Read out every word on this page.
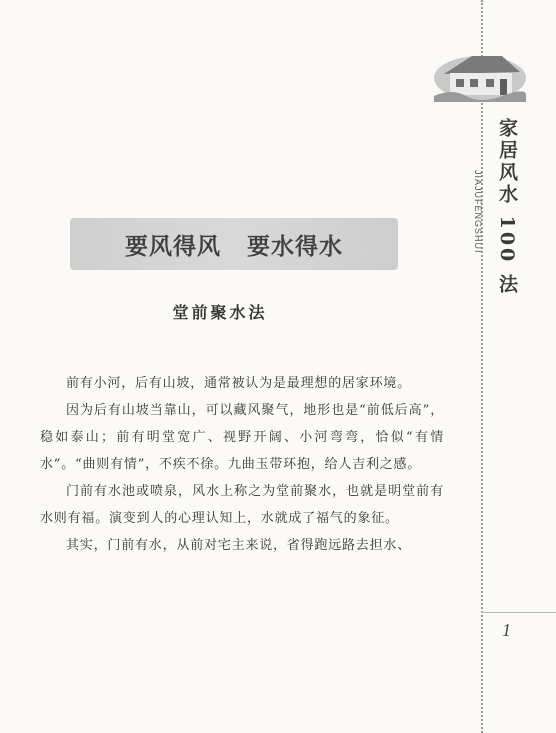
家居风水 100 法
JIAJUFENGSHUI
要风得风 要水得水
堂前聚水法

前有小河，后有山坡，通常被认为是最理想的居家环境。

因为后有山坡当靠山，可以藏风聚气，地形也是“前低后高”，稳如泰山；前有明堂宽广、视野开阔、小河弯弯，恰似“有情水”。“曲则有情”，不疾不徐。九曲玉带环抱，给人吉利之感。

门前有水池或喷泉，风水上称之为堂前聚水，也就是明堂前有水则有福。演变到人的心理认知上，水就成了福气的象征。

其实，门前有水，从前对宅主来说，省得跑远路去担水、

1
